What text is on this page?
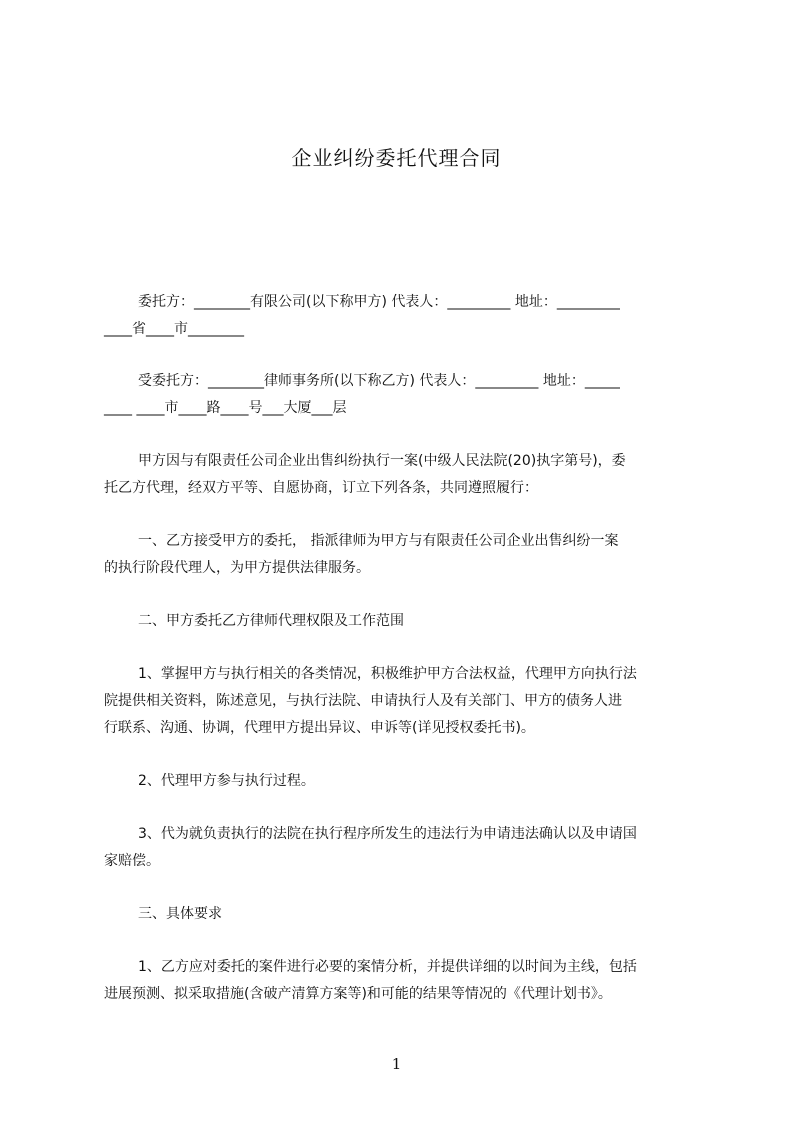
企业纠纷委托代理合同
委托方：________有限公司(以下称甲方) 代表人：_________ 地址：_________
____省____市________
受委托方：________律师事务所(以下称乙方) 代表人：_________ 地址：_____
____ ____市____路____号___大厦___层
甲方因与有限责任公司企业出售纠纷执行一案(中级人民法院(20)执字第号)，委
托乙方代理，经双方平等、自愿协商，订立下列各条，共同遵照履行：
一、乙方接受甲方的委托， 指派律师为甲方与有限责任公司企业出售纠纷一案
的执行阶段代理人，为甲方提供法律服务。
二、甲方委托乙方律师代理权限及工作范围
1、掌握甲方与执行相关的各类情况，积极维护甲方合法权益，代理甲方向执行法
院提供相关资料，陈述意见，与执行法院、申请执行人及有关部门、甲方的债务人进
行联系、沟通、协调，代理甲方提出异议、申诉等(详见授权委托书)。
2、代理甲方参与执行过程。
3、代为就负责执行的法院在执行程序所发生的违法行为申请违法确认以及申请国
家赔偿。
三、具体要求
1、乙方应对委托的案件进行必要的案情分析，并提供详细的以时间为主线，包括
进展预测、拟采取措施(含破产清算方案等)和可能的结果等情况的《代理计划书》。
1
